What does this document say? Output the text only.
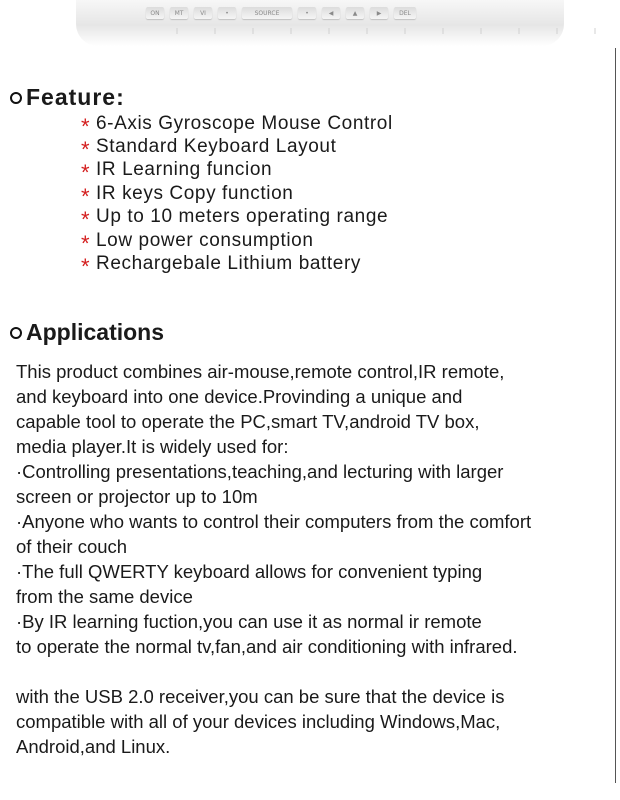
ON	MT	VI	•	SOURCE	•	◀	▲	▶	DEL
Feature:
* 6-Axis Gyroscope Mouse Control
* Standard Keyboard Layout
* IR Learning funcion
* IR keys Copy function
* Up to 10 meters operating range
* Low power consumption
* Rechargebale Lithium battery
Applications

This product combines air-mouse,remote control,IR remote,

and keyboard into one device.Provinding a unique and

capable tool to operate the PC,smart TV,android TV box,

media player.It is widely used for:

·Controlling presentations,teaching,and lecturing with larger

screen or projector up to 10m

·Anyone who wants to control their computers from the comfort

of their couch

·The full QWERTY keyboard allows for convenient typing

from the same device

·By IR learning fuction,you can use it as normal ir remote

to operate the normal tv,fan,and air conditioning with infrared.

with the USB 2.0 receiver,you can be sure that the device is

compatible with all of your devices including Windows,Mac,

Android,and Linux.
